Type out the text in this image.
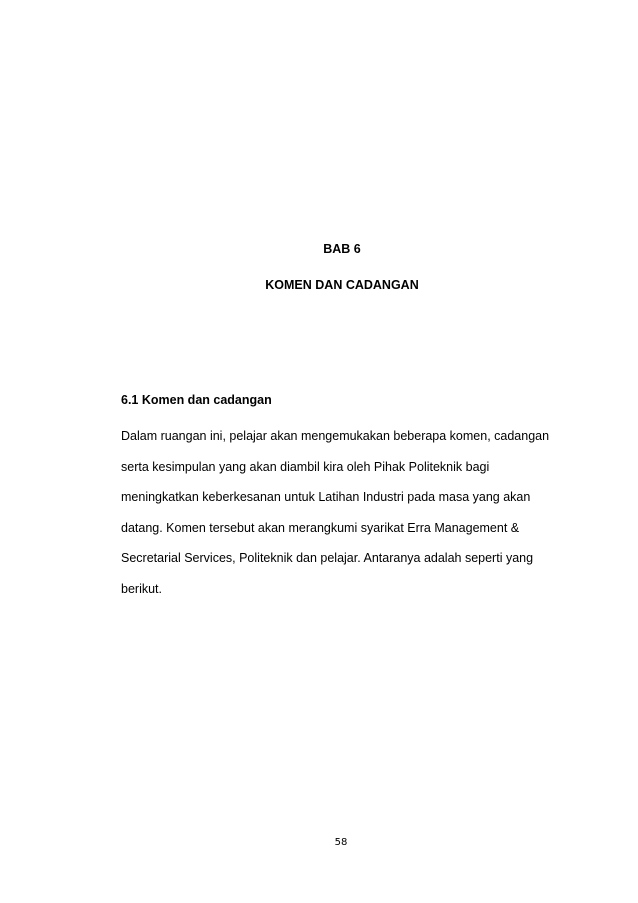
BAB 6
KOMEN DAN CADANGAN
6.1 Komen dan cadangan

Dalam ruangan ini, pelajar akan mengemukakan beberapa komen, cadangan
serta kesimpulan yang akan diambil kira oleh Pihak Politeknik bagi
meningkatkan keberkesanan untuk Latihan Industri pada masa yang akan
datang. Komen tersebut akan merangkumi syarikat Erra Management &
Secretarial Services, Politeknik dan pelajar. Antaranya adalah seperti yang
berikut.

58
